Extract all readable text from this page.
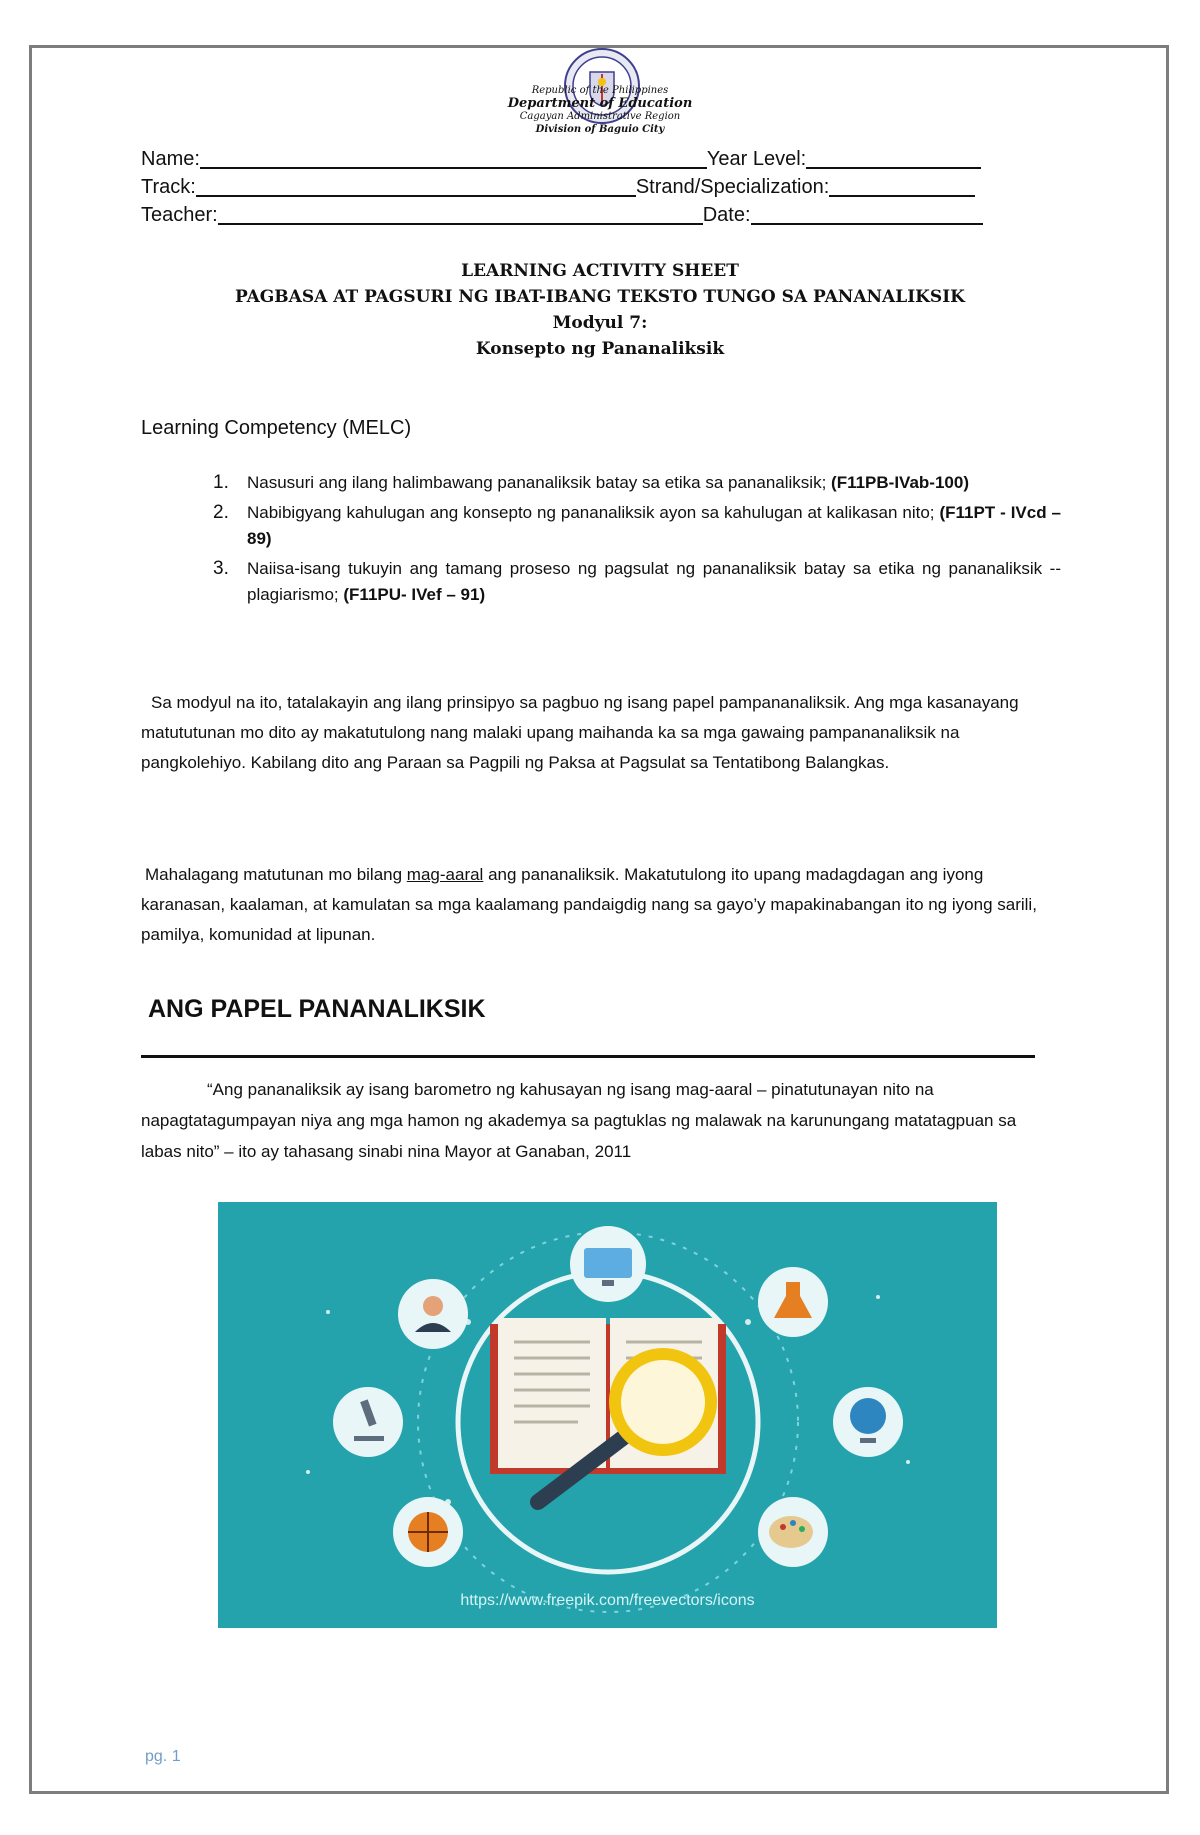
Republic of the Philippines
Department of Education
Cagayan Administrative Region
Division of Baguio City
Name:	Year Level:
Track:	Strand/Specialization:
Teacher:	Date:
LEARNING ACTIVITY SHEET
PAGBASA AT PAGSURI NG IBAT-IBANG TEKSTO TUNGO SA PANANALIKSIK
Modyul 7:
Konsepto ng Pananaliksik
Learning Competency (MELC)
1. Nasusuri ang ilang halimbawang pananaliksik batay sa etika sa pananaliksik; (F11PB-IVab-100)
2. Nabibigyang kahulugan ang konsepto ng pananaliksik ayon sa kahulugan at kalikasan nito; (F11PT - IVcd – 89)
3. Naiisa-isang tukuyin ang tamang proseso ng pagsulat ng pananaliksik batay sa etika ng pananaliksik -- plagiarismo; (F11PU- IVef – 91)
Sa modyul na ito, tatalakayin ang ilang prinsipyo sa pagbuo ng isang papel pampananaliksik. Ang mga kasanayang matututunan mo dito ay makatutulong nang malaki upang maihanda ka sa mga gawaing pampananaliksik na pangkolehiyo. Kabilang dito ang Paraan sa Pagpili ng Paksa at Pagsulat sa Tentatibong Balangkas.
Mahalagang matutunan mo bilang mag-aaral ang pananaliksik. Makatutulong ito upang madagdagan ang iyong karanasan, kaalaman, at kamulatan sa mga kaalamang pandaigdig nang sa gayo’y mapakinabangan ito ng iyong sarili, pamilya, komunidad at lipunan.
ANG PAPEL PANANALIKSIK
“Ang pananaliksik ay isang barometro ng kahusayan ng isang mag-aaral – pinatutunayan nito na napagtatagumpayan niya ang mga hamon ng akademya sa pagtuklas ng malawak na karunungang matatagpuan sa labas nito” – ito ay tahasang sinabi nina Mayor at Ganaban, 2011
https://www.freepik.com/freevectors/icons
pg. 1
